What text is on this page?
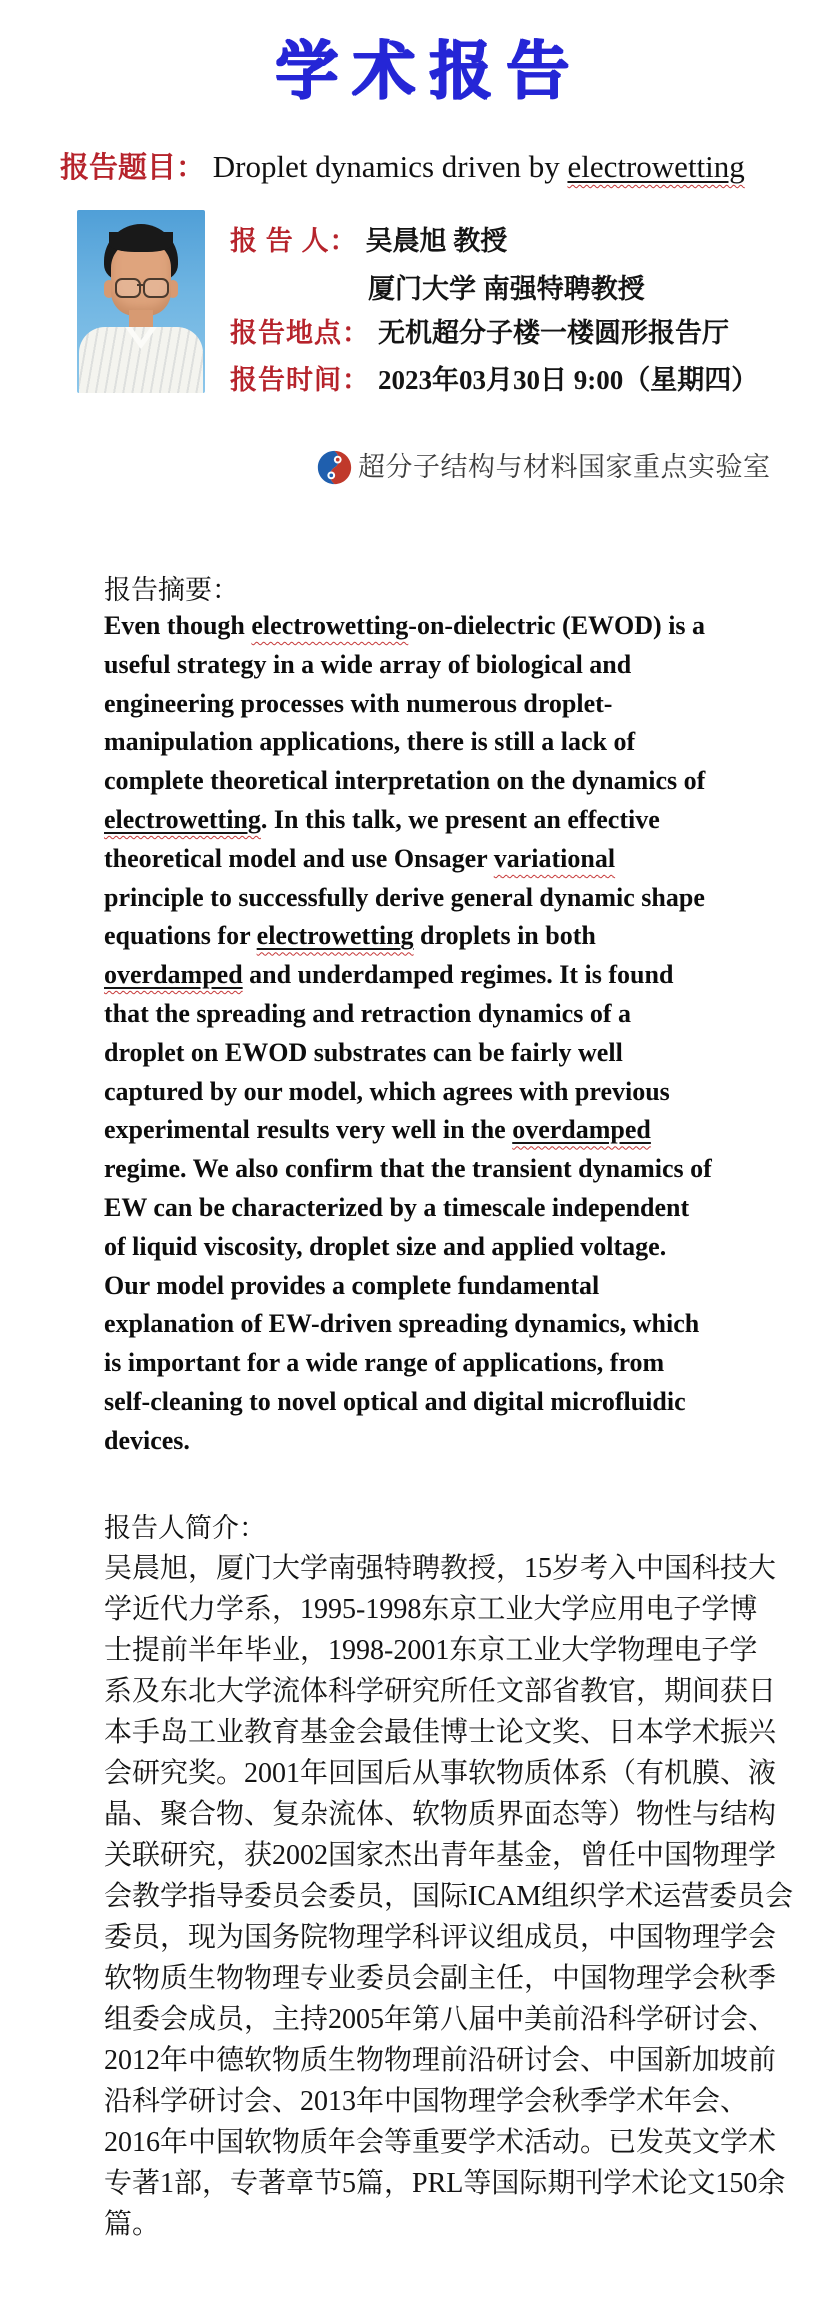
学术报告
报告题目： Droplet dynamics driven by electrowetting
报 告 人： 吴晨旭 教授
厦门大学 南强特聘教授
报告地点： 无机超分子楼一楼圆形报告厅
报告时间： 2023年03月30日 9:00（星期四）
超分子结构与材料国家重点实验室
报告摘要：
Even though electrowetting-on-dielectric (EWOD) is a
useful strategy in a wide array of biological and
engineering processes with numerous droplet-
manipulation applications, there is still a lack of
complete theoretical interpretation on the dynamics of
electrowetting. In this talk, we present an effective
theoretical model and use Onsager variational
principle to successfully derive general dynamic shape
equations for electrowetting droplets in both
overdamped and underdamped regimes. It is found
that the spreading and retraction dynamics of a
droplet on EWOD substrates can be fairly well
captured by our model, which agrees with previous
experimental results very well in the overdamped
regime. We also confirm that the transient dynamics of
EW can be characterized by a timescale independent
of liquid viscosity, droplet size and applied voltage.
Our model provides a complete fundamental
explanation of EW-driven spreading dynamics, which
is important for a wide range of applications, from
self-cleaning to novel optical and digital microfluidic
devices.
报告人简介：
吴晨旭，厦门大学南强特聘教授，15岁考入中国科技大
学近代力学系，1995-1998东京工业大学应用电子学博
士提前半年毕业，1998-2001东京工业大学物理电子学
系及东北大学流体科学研究所任文部省教官，期间获日
本手岛工业教育基金会最佳博士论文奖、日本学术振兴
会研究奖。2001年回国后从事软物质体系（有机膜、液
晶、聚合物、复杂流体、软物质界面态等）物性与结构
关联研究，获2002国家杰出青年基金，曾任中国物理学
会教学指导委员会委员，国际ICAM组织学术运营委员会
委员，现为国务院物理学科评议组成员，中国物理学会
软物质生物物理专业委员会副主任，中国物理学会秋季
组委会成员，主持2005年第八届中美前沿科学研讨会、
2012年中德软物质生物物理前沿研讨会、中国新加坡前
沿科学研讨会、2013年中国物理学会秋季学术年会、
2016年中国软物质年会等重要学术活动。已发英文学术
专著1部，专著章节5篇，PRL等国际期刊学术论文150余
篇。
